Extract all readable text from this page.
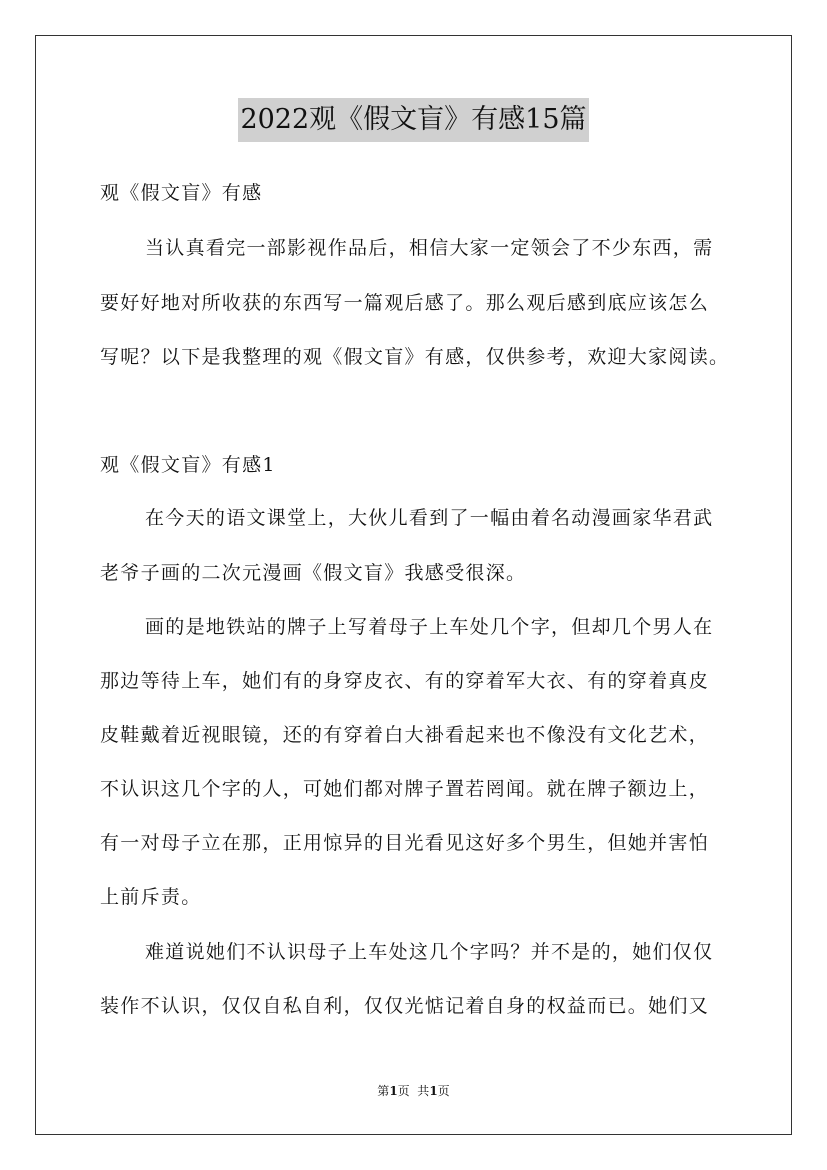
2022观《假文盲》有感15篇
观《假文盲》有感
当认真看完一部影视作品后，相信大家一定领会了不少东西，需
要好好地对所收获的东西写一篇观后感了。那么观后感到底应该怎么
写呢？以下是我整理的观《假文盲》有感，仅供参考，欢迎大家阅读。
观《假文盲》有感1
在今天的语文课堂上，大伙儿看到了一幅由着名动漫画家华君武
老爷子画的二次元漫画《假文盲》我感受很深。
画的是地铁站的牌子上写着母子上车处几个字，但却几个男人在
那边等待上车，她们有的身穿皮衣、有的穿着军大衣、有的穿着真皮
皮鞋戴着近视眼镜，还的有穿着白大褂看起来也不像没有文化艺术，
不认识这几个字的人，可她们都对牌子置若罔闻。就在牌子额边上，
有一对母子立在那，正用惊异的目光看见这好多个男生，但她并害怕
上前斥责。
难道说她们不认识母子上车处这几个字吗？并不是的，她们仅仅
装作不认识，仅仅自私自利，仅仅光惦记着自身的权益而已。她们又
第1页  共1页
